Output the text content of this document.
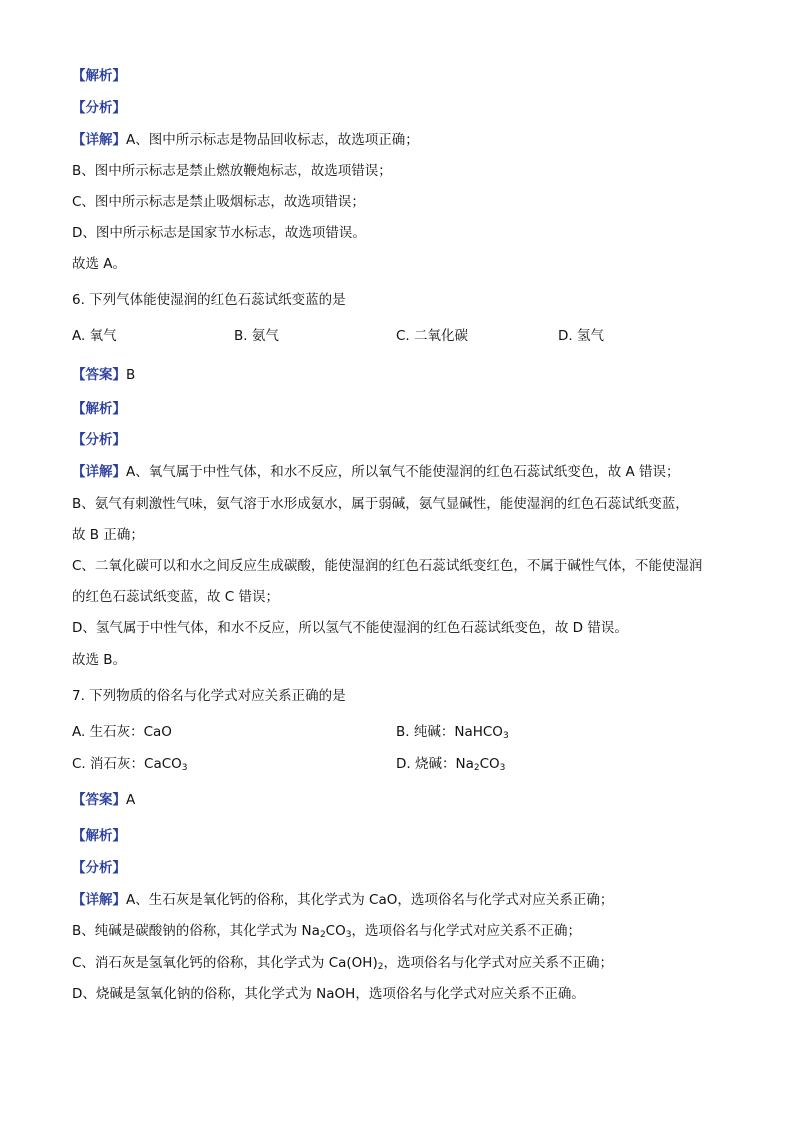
【解析】
【分析】
【详解】A、图中所示标志是物品回收标志，故选项正确；
B、图中所示标志是禁止燃放鞭炮标志，故选项错误；
C、图中所示标志是禁止吸烟标志，故选项错误；
D、图中所示标志是国家节水标志，故选项错误。
故选 A。
6. 下列气体能使湿润的红色石蕊试纸变蓝的是
A. 氧气	B. 氨气	C. 二氧化碳	D. 氢气
【答案】B
【解析】
【分析】
【详解】A、氧气属于中性气体，和水不反应，所以氧气不能使湿润的红色石蕊试纸变色，故 A 错误；
B、氨气有刺激性气味，氨气溶于水形成氨水，属于弱碱，氨气显碱性，能使湿润的红色石蕊试纸变蓝，
故 B 正确；
C、二氧化碳可以和水之间反应生成碳酸，能使湿润的红色石蕊试纸变红色，不属于碱性气体，不能使湿润
的红色石蕊试纸变蓝，故 C 错误；
D、氢气属于中性气体，和水不反应，所以氢气不能使湿润的红色石蕊试纸变色，故 D 错误。
故选 B。
7. 下列物质的俗名与化学式对应关系正确的是
A. 生石灰：CaO	B. 纯碱：NaHCO$_3$
C. 消石灰：CaCO$_3$	D. 烧碱：$Na_2CO_3$
【答案】A
【解析】
【分析】
【详解】A、生石灰是氧化钙的俗称，其化学式为 CaO，选项俗名与化学式对应关系正确；
B、纯碱是碳酸钠的俗称，其化学式为 $Na_2CO_3$，选项俗名与化学式对应关系不正确；
C、消石灰是氢氧化钙的俗称，其化学式为 $Ca(OH)_2$，选项俗名与化学式对应关系不正确；
D、烧碱是氢氧化钠的俗称，其化学式为 NaOH，选项俗名与化学式对应关系不正确。
